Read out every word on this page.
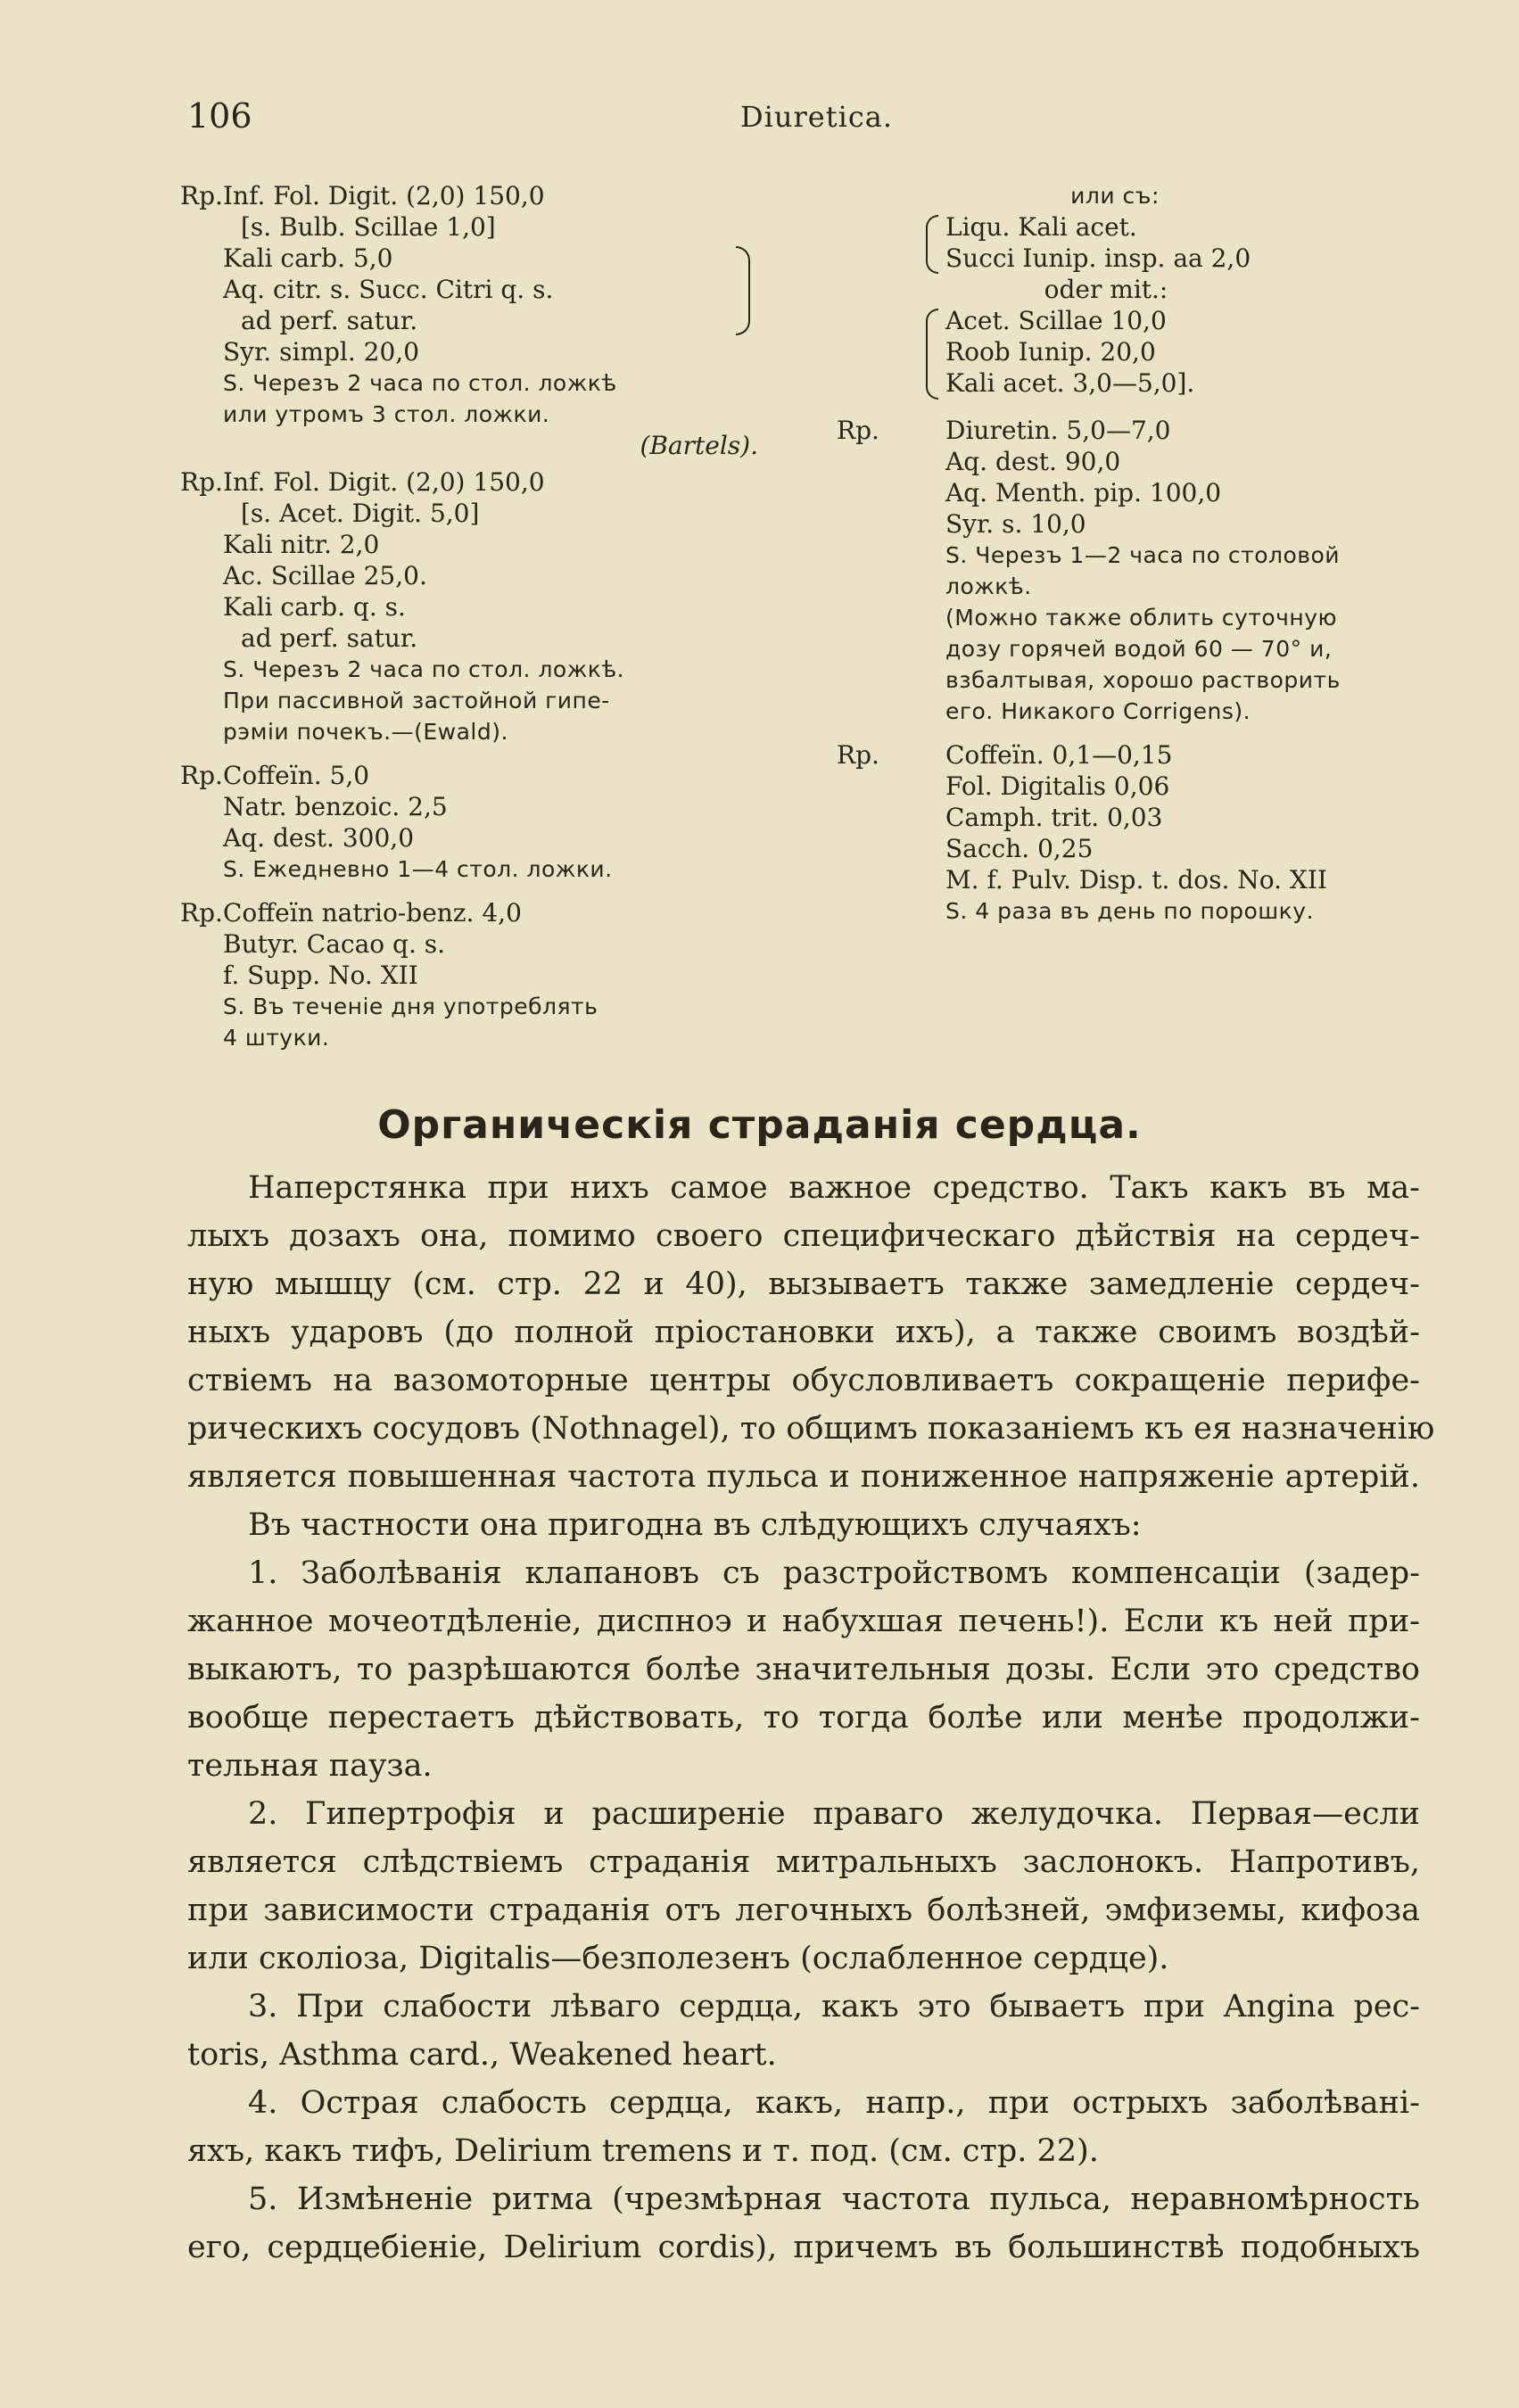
106	Diuretica.
Rp. Inf. Fol. Digit. (2,0) 150,0
[s. Bulb. Scillae 1,0]
Kali carb. 5,0
Aq. citr. s. Succ. Citri q. s.
ad perf. satur.
Syr. simpl. 20,0
S. Черезъ 2 часа по стол. ложкѣ
или утромъ 3 стол. ложки.
(Bartels).
Rp. Inf. Fol. Digit. (2,0) 150,0
[s. Acet. Digit. 5,0]
Kali nitr. 2,0
Ac. Scillae 25,0.
Kali carb. q. s.
ad perf. satur.
S. Черезъ 2 часа по стол. ложкѣ.
При пассивной застойной гипе-
рэміи почекъ.—(Ewald).
Rp. Coffeïn. 5,0
Natr. benzoic. 2,5
Aq. dest. 300,0
S. Ежедневно 1—4 стол. ложки.
Rp. Coffeïn natrio-benz. 4,0
Butyr. Cacao q. s.
f. Supp. No. XII
S. Въ теченіе дня употреблять
4 штуки.
или съ:
Liqu. Kali acet.
Succi Iunip. insp. aa 2,0
oder mit.:
Acet. Scillae 10,0
Roob Iunip. 20,0
Kali acet. 3,0—5,0].
Rp.	Diuretin. 5,0—7,0
Aq. dest. 90,0
Aq. Menth. pip. 100,0
Syr. s. 10,0
S. Черезъ 1—2 часа по столовой
ложкѣ.
(Можно также облить суточную
дозу горячей водой 60 — 70° и,
взбалтывая, хорошо растворить
его. Никакого Corrigens).
Rp.	Coffeïn. 0,1—0,15
Fol. Digitalis 0,06
Camph. trit. 0,03
Sacch. 0,25
M. f. Pulv. Disp. t. dos. No. XII
S. 4 раза въ день по порошку.
Органическія страданія сердца.
Наперстянка при нихъ самое важное средство. Такъ какъ въ ма-
лыхъ дозахъ она, помимо своего специфическаго дѣйствія на сердеч-
ную мышцу (см. стр. 22 и 40), вызываетъ также замедленіе сердеч-
ныхъ ударовъ (до полной пріостановки ихъ), а также своимъ воздѣй-
ствіемъ на вазомоторные центры обусловливаетъ сокращеніе перифе-
рическихъ сосудовъ (Nothnagel), то общимъ показаніемъ къ ея назначенію
является повышенная частота пульса и пониженное напряженіе артерій.
Въ частности она пригодна въ слѣдующихъ случаяхъ:
1. Заболѣванія клапановъ съ разстройствомъ компенсаціи (задер-
жанное мочеотдѣленіе, диспноэ и набухшая печень!). Если къ ней при-
выкаютъ, то разрѣшаются болѣе значительныя дозы. Если это средство
вообще перестаетъ дѣйствовать, то тогда болѣе или менѣе продолжи-
тельная пауза.
2. Гипертрофія и расширеніе праваго желудочка. Первая—если
является слѣдствіемъ страданія митральныхъ заслонокъ. Напротивъ,
при зависимости страданія отъ легочныхъ болѣзней, эмфиземы, кифоза
или сколіоза, Digitalis—безполезенъ (ослабленное сердце).
3. При слабости лѣваго сердца, какъ это бываетъ при Angina pec-
toris, Asthma card., Weakened heart.
4. Острая слабость сердца, какъ, напр., при острыхъ заболѣвані-
яхъ, какъ тифъ, Delirium tremens и т. под. (см. стр. 22).
5. Измѣненіе ритма (чрезмѣрная частота пульса, неравномѣрность
его, сердцебіеніе, Delirium cordis), причемъ въ большинствѣ подобныхъ
